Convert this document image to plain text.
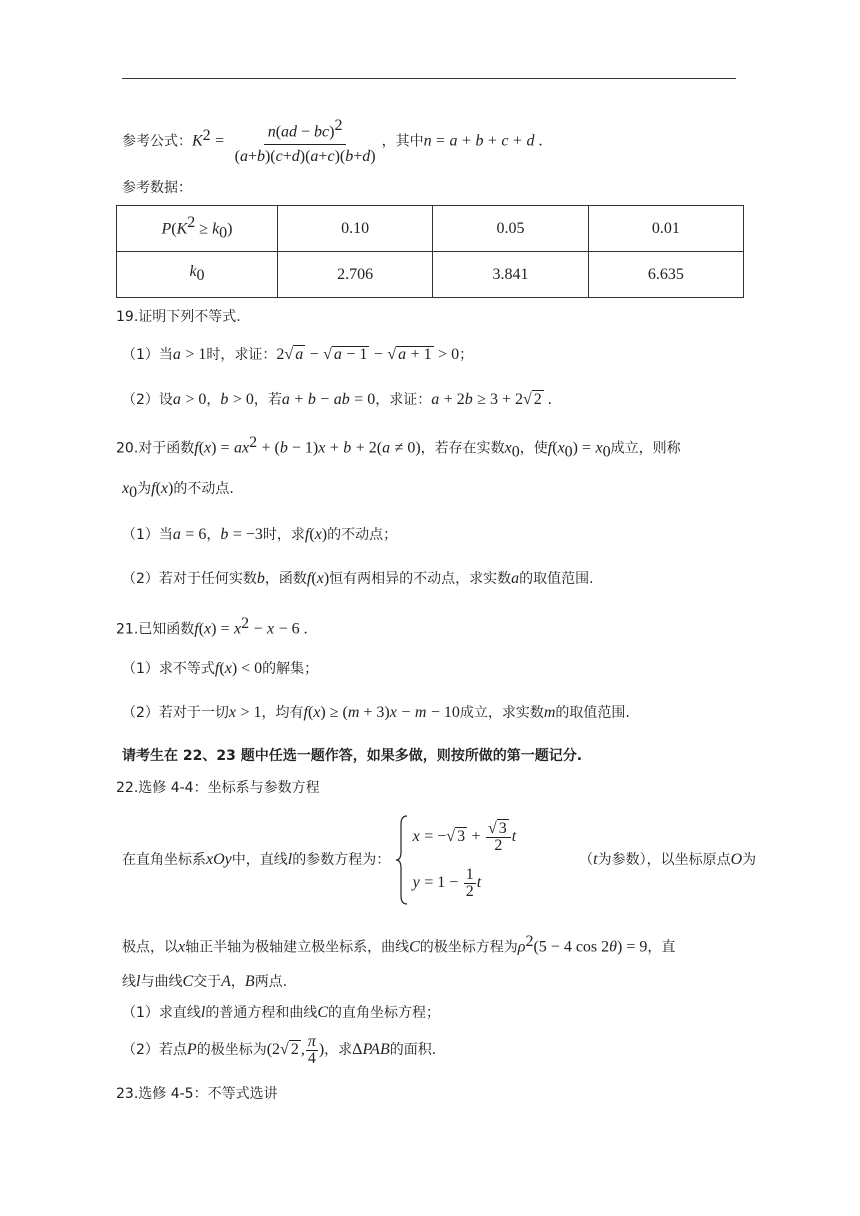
参考公式：$K^2 = \frac{n(ad - bc)^2}{(a+b)(c+d)(a+c)(b+d)}$ ，其中n = a + b + c + d .
参考数据：
$P(K^2 \ge k_0)$	0.10	0.05	0.01
$k_0$	2.706	3.841	6.635
19.证明下列不等式.
（1）当a > 1时，求证：2√ a − √ a − 1 − √ a + 1 > 0；
（2）设a > 0，b > 0，若a + b − ab = 0，求证：a + 2b ≥ 3 + 2√ 2 .
20.对于函数$f(x) = ax^2 + (b - 1)x + b + 2(a \ne 0)$，若存在实数$x_0$，使$f(x_0) = x_0$成立，则称
$x_0$为f(x)的不动点.
（1）当a = 6，b = −3时，求f(x)的不动点；
（2）若对于任何实数b，函数f(x)恒有两相异的不动点，求实数a的取值范围.
21.已知函数$f(x) = x^2 - x - 6$ .
（1）求不等式f(x) < 0的解集；
（2）若对于一切x > 1，均有f(x) ≥ (m + 3)x − m − 10成立，求实数m的取值范围.
请考生在 22、23 题中任选一题作答，如果多做，则按所做的第一题记分.
22.选修 4-4：坐标系与参数方程
在直角坐标系xOy中，直线l的参数方程为：
x = −√ $3 + \frac{√ 3}{2}$ t
$y = 1 - \frac{1}{2}$ t
（t为参数），以坐标原点O为
极点，以x轴正半轴为极轴建立极坐标系，曲线C的极坐标方程为$\rho^2(5 - 4$ cos 2θ) = 9，直
线l与曲线C交于A，B两点.
（1）求直线l的普通方程和曲线C的直角坐标方程；
（2）若点P的极坐标为(2√ 2 , $\frac{\pi}{4}$ )，求ΔPAB的面积.
23.选修 4-5：不等式选讲
